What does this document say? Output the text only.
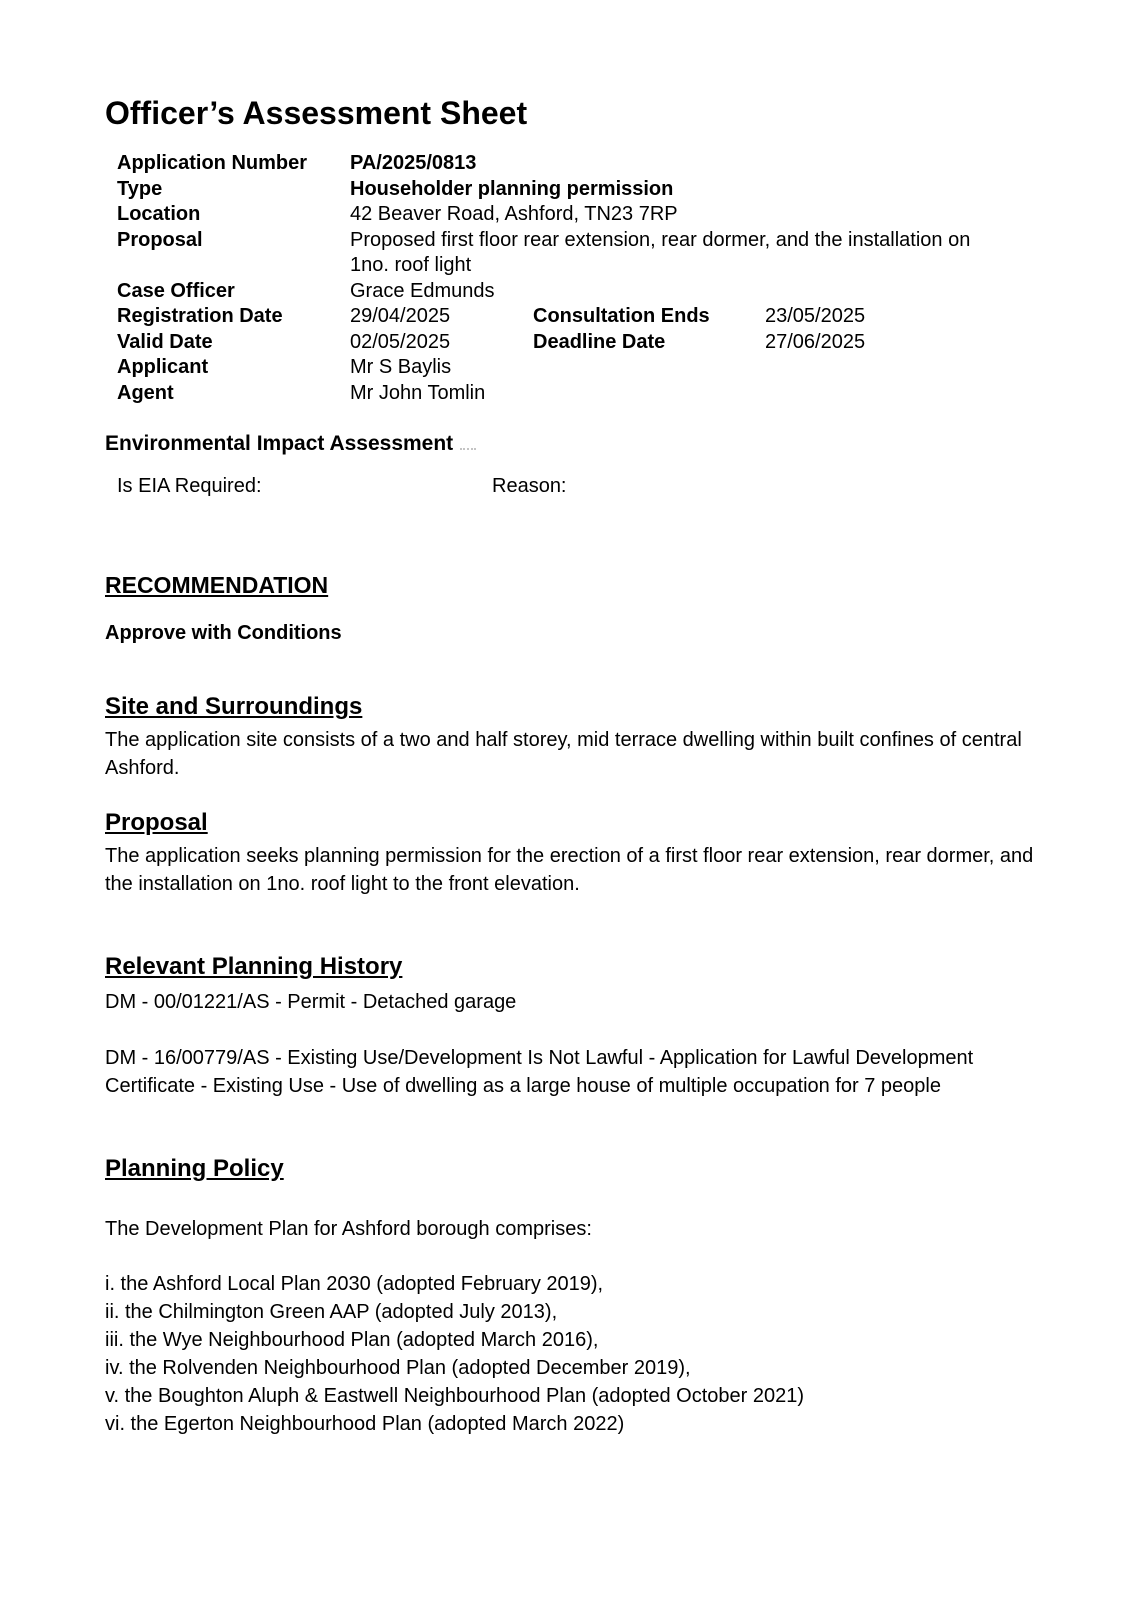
Officer’s Assessment Sheet
Application Number	PA/2025/0813
Type	Householder planning permission
Location	42 Beaver Road, Ashford, TN23 7RP
Proposal	Proposed first floor rear extension, rear dormer, and the installation on 1no. roof light
Case Officer	Grace Edmunds
Registration Date	29/04/2025	Consultation Ends	23/05/2025
Valid Date	02/05/2025	Deadline Date	27/06/2025
Applicant	Mr S Baylis
Agent	Mr John Tomlin
Environmental Impact Assessment
Is EIA Required:	Reason:
RECOMMENDATION
Approve with Conditions
Site and Surroundings
The application site consists of a two and half storey, mid terrace dwelling within built confines of central Ashford.
Proposal
The application seeks planning permission for the erection of a first floor rear extension, rear dormer, and the installation on 1no. roof light to the front elevation.
Relevant Planning History
DM - 00/01221/AS - Permit - Detached garage
DM - 16/00779/AS - Existing Use/Development Is Not Lawful - Application for Lawful Development Certificate - Existing Use - Use of dwelling as a large house of multiple occupation for 7 people
Planning Policy
The Development Plan for Ashford borough comprises:
i. the Ashford Local Plan 2030 (adopted February 2019),
ii. the Chilmington Green AAP (adopted July 2013),
iii. the Wye Neighbourhood Plan (adopted March 2016),
iv. the Rolvenden Neighbourhood Plan (adopted December 2019),
v. the Boughton Aluph & Eastwell Neighbourhood Plan (adopted October 2021)
vi. the Egerton Neighbourhood Plan (adopted March 2022)
